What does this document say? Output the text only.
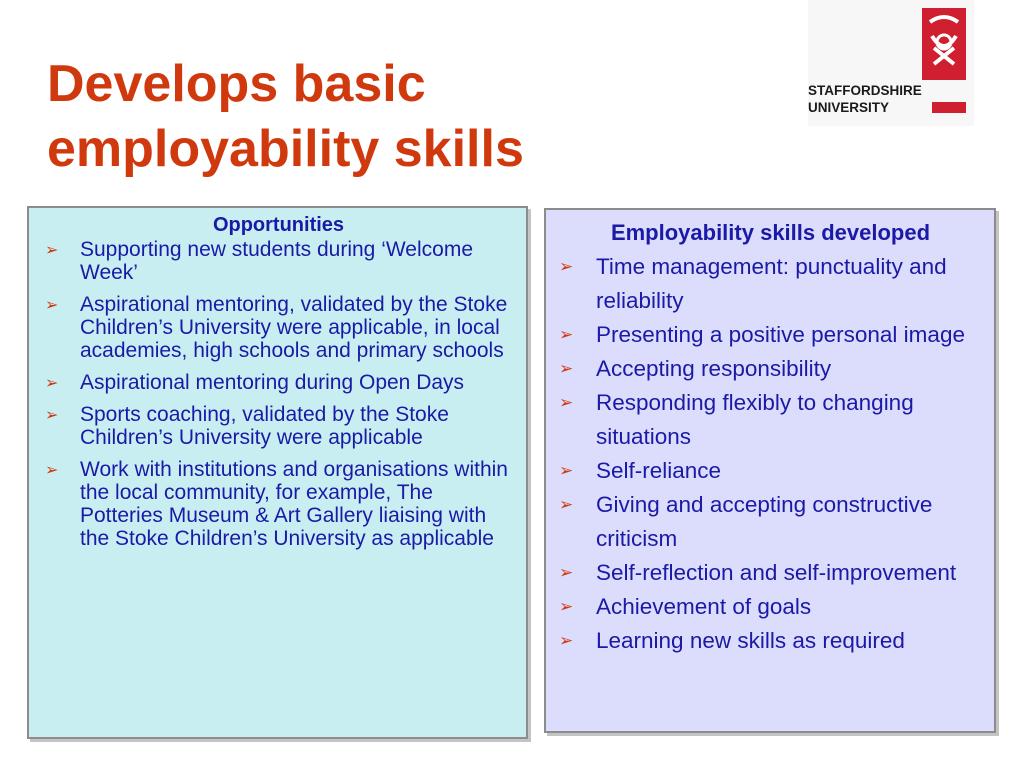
Develops basic employability skills
STAFFORDSHIRE
UNIVERSITY

Opportunities

➢ Supporting new students during ‘Welcome Week’
➢ Aspirational mentoring, validated by the Stoke Children’s University were applicable, in local academies, high schools and primary schools
➢ Aspirational mentoring during Open Days
➢ Sports coaching, validated by the Stoke Children’s University were applicable
➢ Work with institutions and organisations within the local community, for example, The Potteries Museum & Art Gallery liaising with the Stoke Children’s University as applicable

Employability skills developed

➢ Time management: punctuality and reliability
➢ Presenting a positive personal image
➢ Accepting responsibility
➢ Responding flexibly to changing situations
➢ Self-reliance
➢ Giving and accepting constructive criticism
➢ Self-reflection and self-improvement
➢ Achievement of goals
➢ Learning new skills as required
